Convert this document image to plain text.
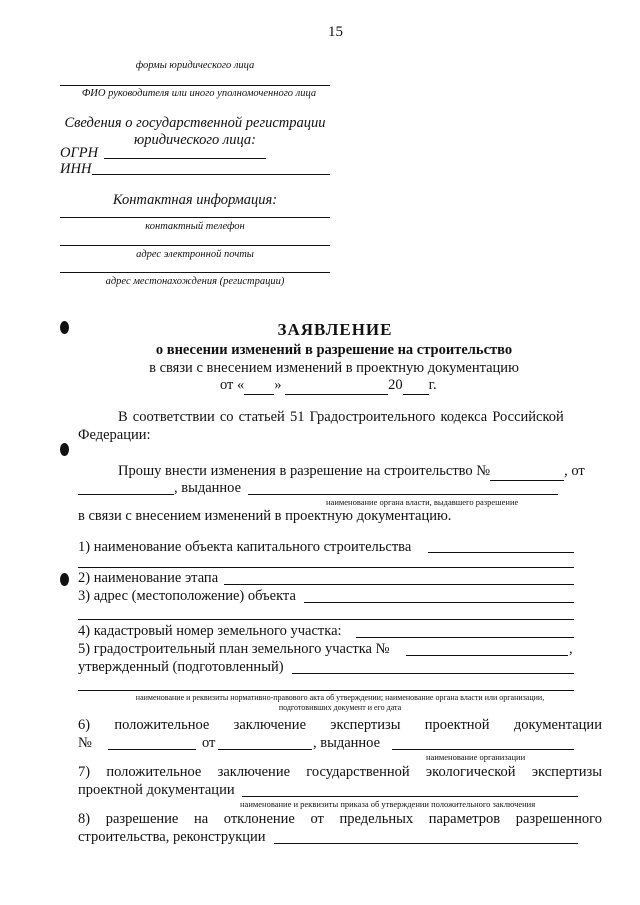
15
формы юридического лица
ФИО руководителя или иного уполномоченного лица
Сведения о государственной регистрации
юридического лица:
ОГРН
ИНН
Контактная информация:
контактный телефон
адрес электронной почты
адрес местонахождения (регистрации)
ЗАЯВЛЕНИЕ
о внесении изменений в разрешение на строительство
в связи с внесением изменений в проектную документацию
от « »	20 г.
В соответствии со статьей 51 Градостроительного кодекса Российской
Федерации:
Прошу внести изменения в разрешение на строительство №	, от
, выданное
наименование органа власти, выдавшего разрешение
в связи с внесением изменений в проектную документацию.
1) наименование объекта капитального строительства
2) наименование этапа
3) адрес (местоположение) объекта
4) кадастровый номер земельного участка:
5) градостроительный план земельного участка №	,
утвержденный (подготовленный)
наименование и реквизиты нормативно-правового акта об утверждении; наименование органа власти или организации,
подготовивших документ и его дата
6) положительное заключение экспертизы проектной документации
№	от	, выданное
наименование организации
7) положительное заключение государственной экологической экспертизы
проектной документации
наименование и реквизиты приказа об утверждении положительного заключения
8) разрешение на отклонение от предельных параметров разрешенного
строительства, реконструкции
